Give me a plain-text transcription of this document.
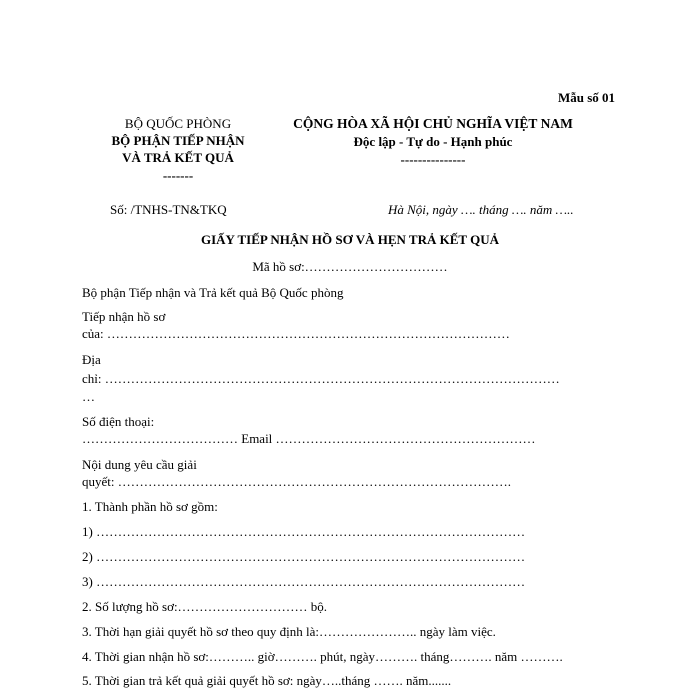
Mẫu số 01
BỘ QUỐC PHÒNG
BỘ PHẬN TIẾP NHẬN
VÀ TRẢ KẾT QUẢ
-------
CỘNG HÒA XÃ HỘI CHỦ NGHĨA VIỆT NAM
Độc lập - Tự do - Hạnh phúc
---------------
Số: /TNHS-TN&TKQ	Hà Nội, ngày …. tháng …. năm …..
GIẤY TIẾP NHẬN HỒ SƠ VÀ HẸN TRẢ KẾT QUẢ
Mã hồ sơ:……………………………
Bộ phận Tiếp nhận và Trả kết quả Bộ Quốc phòng
Tiếp nhận hồ sơ
của: …………………………………………………………………………………
Địa
chỉ: ……………………………………………………………………………………………
…
Số điện thoại:
……………………………… Email ……………………………………………………
Nội dung yêu cầu giải
quyết: ……………………………………………………………………………….
1. Thành phần hồ sơ gồm:
1) ………………………………………………………………………………………
2) ………………………………………………………………………………………
3) ………………………………………………………………………………………
2. Số lượng hồ sơ:………………………… bộ.
3. Thời hạn giải quyết hồ sơ theo quy định là:………………….. ngày làm việc.
4. Thời gian nhận hồ sơ:……….. giờ………. phút, ngày………. tháng………. năm ……….
5. Thời gian trả kết quả giải quyết hồ sơ: ngày…..tháng ……. năm.......
